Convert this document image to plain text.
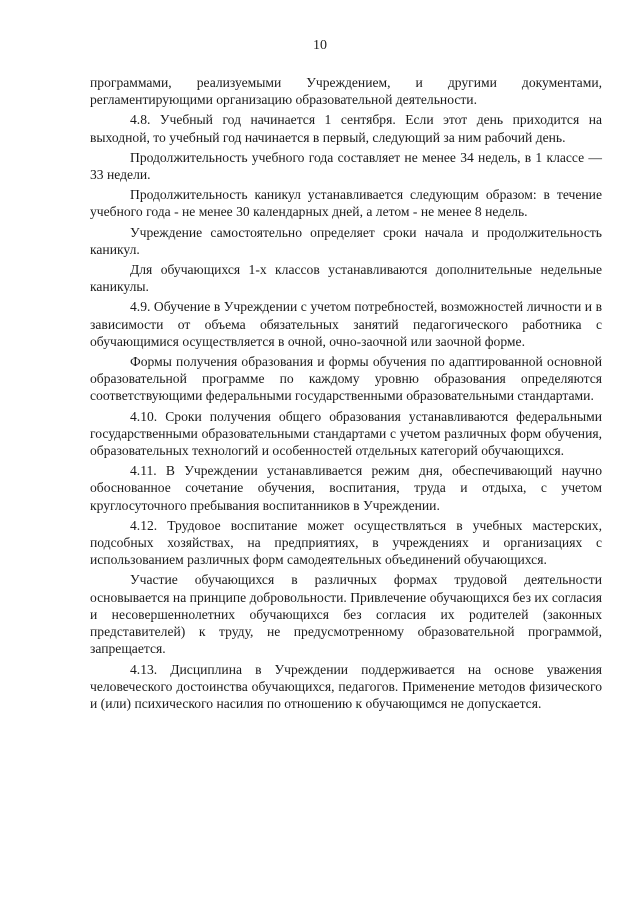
10

программами, реализуемыми Учреждением, и другими документами, регламентирующими организацию образовательной деятельности.

4.8. Учебный год начинается 1 сентября. Если этот день приходится на выходной, то учебный год начинается в первый, следующий за ним рабочий день.

Продолжительность учебного года составляет не менее 34 недель, в 1 классе — 33 недели.

Продолжительность каникул устанавливается следующим образом: в течение учебного года - не менее 30 календарных дней, а летом - не менее 8 недель.

Учреждение самостоятельно определяет сроки начала и продолжительность каникул.

Для обучающихся 1-х классов устанавливаются дополнительные недельные каникулы.

4.9. Обучение в Учреждении с учетом потребностей, возможностей личности и в зависимости от объема обязательных занятий педагогического работника с обучающимися осуществляется в очной, очно-заочной или заочной форме.

Формы получения образования и формы обучения по адаптированной основной образовательной программе по каждому уровню образования определяются соответствующими федеральными государственными образовательными стандартами.

4.10. Сроки получения общего образования устанавливаются федеральными государственными образовательными стандартами с учетом различных форм обучения, образовательных технологий и особенностей отдельных категорий обучающихся.

4.11. В Учреждении устанавливается режим дня, обеспечивающий научно обоснованное сочетание обучения, воспитания, труда и отдыха, с учетом круглосуточного пребывания воспитанников в Учреждении.

4.12. Трудовое воспитание может осуществляться в учебных мастерских, подсобных хозяйствах, на предприятиях, в учреждениях и организациях с использованием различных форм самодеятельных объединений обучающихся.

Участие обучающихся в различных формах трудовой деятельности основывается на принципе добровольности. Привлечение обучающихся без их согласия и несовершеннолетних обучающихся без согласия их родителей (законных представителей) к труду, не предусмотренному образовательной программой, запрещается.

4.13. Дисциплина в Учреждении поддерживается на основе уважения человеческого достоинства обучающихся, педагогов. Применение методов физического и (или) психического насилия по отношению к обучающимся не допускается.
